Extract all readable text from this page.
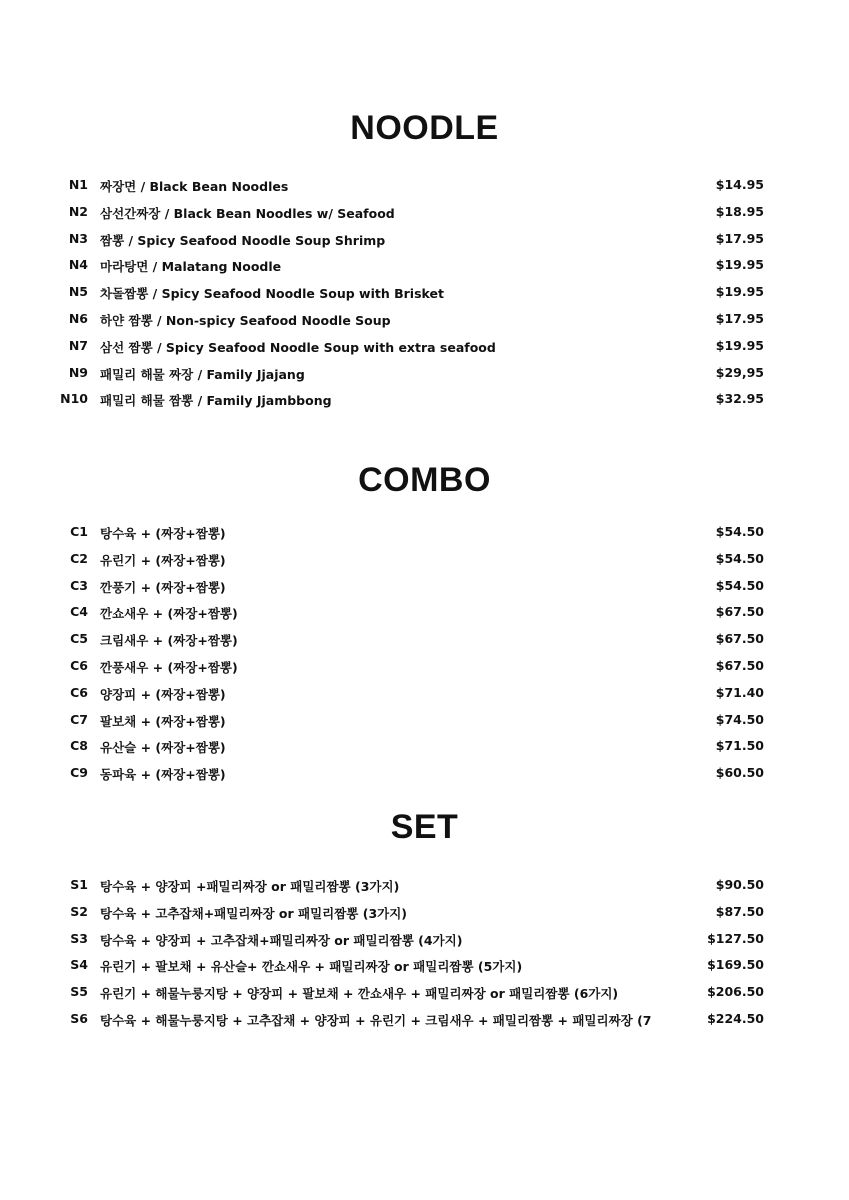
NOODLE
N1 짜장면 / Black Bean Noodles	$14.95
N2 삼선간짜장 / Black Bean Noodles w/ Seafood	$18.95
N3 짬뽕 / Spicy Seafood Noodle Soup Shrimp	$17.95
N4 마라탕면 / Malatang Noodle	$19.95
N5 차돌짬뽕 / Spicy Seafood Noodle Soup with Brisket	$19.95
N6 하얀 짬뽕 / Non-spicy Seafood Noodle Soup	$17.95
N7 삼선 짬뽕 / Spicy Seafood Noodle Soup with extra seafood	$19.95
N9 패밀리 해물 짜장 / Family Jjajang	$29,95
N10 패밀리 해물 짬뽕 / Family Jjambbong	$32.95
COMBO
C1 탕수육 + (짜장+짬뽕)	$54.50
C2 유린기 + (짜장+짬뽕)	$54.50
C3 깐풍기 + (짜장+짬뽕)	$54.50
C4 깐쇼새우 + (짜장+짬뽕)	$67.50
C5 크림새우 + (짜장+짬뽕)	$67.50
C6 깐풍새우 + (짜장+짬뽕)	$67.50
C6 양장피 + (짜장+짬뽕)	$71.40
C7 팔보채 + (짜장+짬뽕)	$74.50
C8 유산슬 + (짜장+짬뽕)	$71.50
C9 동파육 + (짜장+짬뽕)	$60.50
SET
S1 탕수육 + 양장피 +패밀리짜장 or 패밀리짬뽕 (3가지)	$90.50
S2 탕수육 + 고추잡채+패밀리짜장 or 패밀리짬뽕 (3가지)	$87.50
S3 탕수육 + 양장피 + 고추잡채+패밀리짜장 or 패밀리짬뽕 (4가지)	$127.50
S4 유린기 + 팔보채 + 유산슬+ 깐쇼새우 + 패밀리짜장 or 패밀리짬뽕 (5가지)	$169.50
S5 유린기 + 해물누룽지탕 + 양장피 + 팔보채 + 깐쇼새우 + 패밀리짜장 or 패밀리짬뽕 (6가지)	$206.50
S6 탕수육 + 해물누룽지탕 + 고추잡채 + 양장피 + 유린기 + 크림새우 + 패밀리짬뽕 + 패밀리짜장 (7	$224.50
